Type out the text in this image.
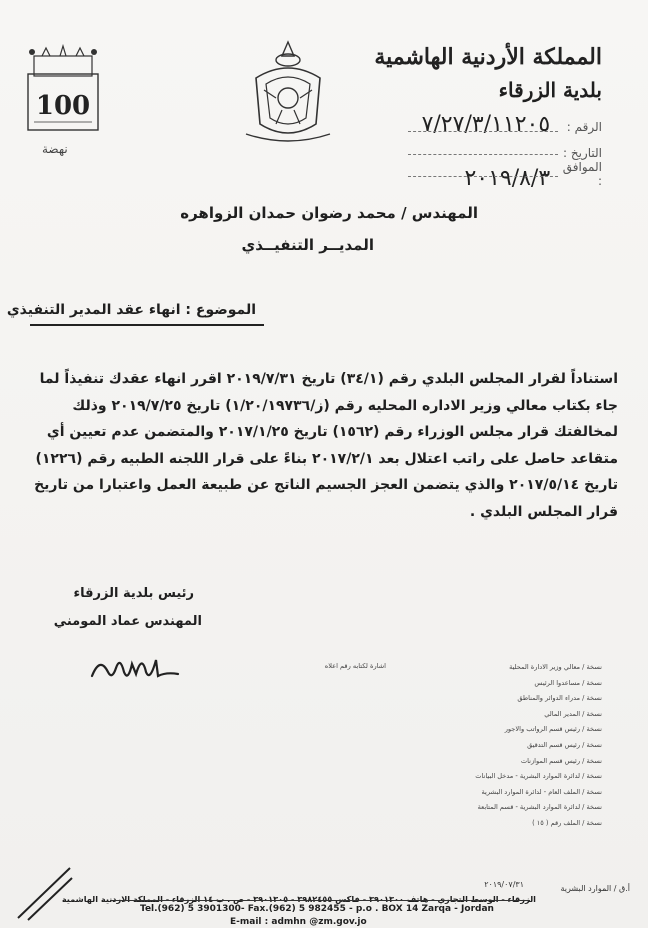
100
نهضة
المملكة الأردنية الهاشمية
بلدية الزرقاء
الرقم : ٧/٢٧/٣/١١٢٠٥
التاريخ :
الموافق : ٢٠١٩/٨/٣
المهندس / محمد رضوان حمدان الزواهره
المديــر التنفيــذي
الموضوع : انهاء عقد المدير التنفيذي

استناداً لقرار المجلس البلدي رقم (٣٤/١) تاريخ ٢٠١٩/٧/٣١ اقرر انهاء عقدك تنفيذاً لما

جاء بكتاب معالي وزير الاداره المحليه رقم (ز/١/٢٠/١٩٧٣٦) تاريخ ٢٠١٩/٧/٢٥ وذلك

لمخالفتك قرار مجلس الوزراء رقم (١٥٦٢) تاريخ ٢٠١٧/١/٢٥ والمتضمن عدم تعيين أي

متقاعد حاصل على راتب اعتلال بعد ٢٠١٧/٢/١ بناءً على قرار اللجنه الطبيه رقم (١٢٢٦)

تاريخ ٢٠١٧/٥/١٤ والذي يتضمن العجز الجسيم الناتج عن طبيعة العمل واعتبارا من تاريخ

قرار المجلس البلدي .

رئيس بلدية الزرقاء
المهندس عماد المومني
اشارة لكتابه رقم اعلاه	نسخة / معالي وزير الادارة المحلية
نسخة / مساعدوا الرئيس
نسخة / مدراء الدوائر والمناطق
نسخة / المدير المالي
نسخة / رئيس قسم الرواتب والاجور
نسخة / رئيس قسم التدقيق
نسخة / رئيس قسم الموازنات
نسخة / لدائرة الموارد البشرية - مدخل البيانات
نسخة / الملف العام - لدائرة الموارد البشرية
نسخة / لدائرة الموارد البشرية - قسم المتابعة
نسخة / الملف رقم ( ١٥ )
٢٠١٩/٠٧/٣١	أ.ق / الموارد البشرية
الزرقاء - الوسط التجاري - هاتف ٣٩٠١٣٠٠ - فاكس ٣٩٨٢٤٥٥ - ٣٩٠١٣٠٥ - ص . ب ١٤ الزرقاء - المملكة الاردنية الهاشمية
Tel.(962) 5 3901300- Fax.(962) 5 982455 - p.o . BOX 14 Zarqa - Jordan
E-mail : admhn @zm.gov.jo
